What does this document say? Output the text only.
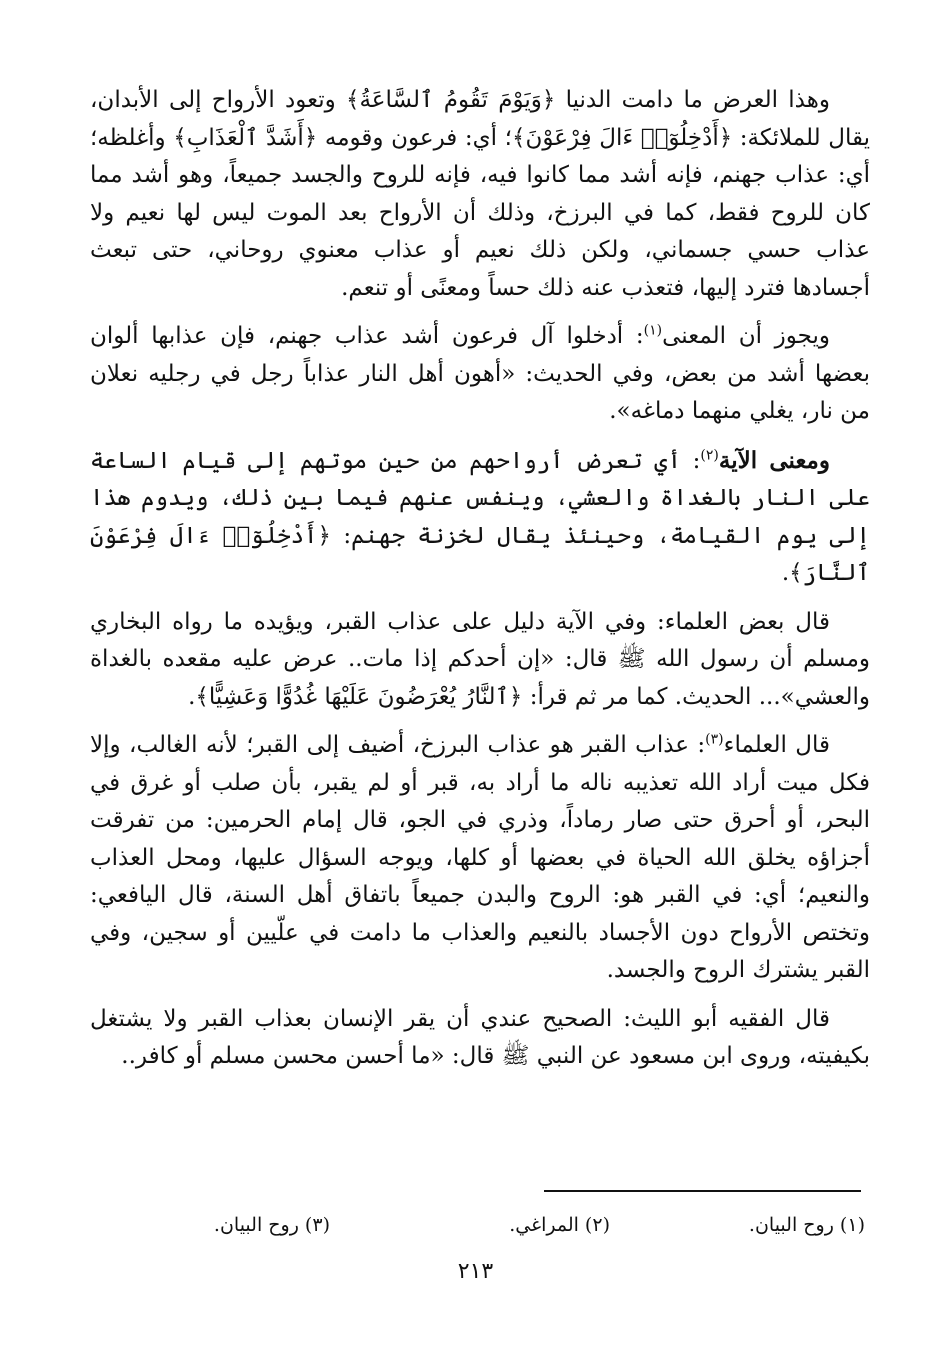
وهذا العرض ما دامت الدنيا ﴿وَيَوْمَ تَقُومُ ٱلسَّاعَةُ﴾ وتعود الأرواح إلى الأبدان، يقال للملائكة: ﴿أَدْخِلُوٓا۟ ءَالَ فِرْعَوْنَ﴾؛ أي: فرعون وقومه ﴿أَشَدَّ ٱلْعَذَابِ﴾ وأغلظه؛ أي: عذاب جهنم، فإنه أشد مما كانوا فيه، فإنه للروح والجسد جميعاً، وهو أشد مما كان للروح فقط، كما في البرزخ، وذلك أن الأرواح بعد الموت ليس لها نعيم ولا عذاب حسي جسماني، ولكن ذلك نعيم أو عذاب معنوي روحاني، حتى تبعث أجسادها فترد إليها، فتعذب عنه ذلك حساً ومعنًى أو تنعم.

ويجوز أن المعنى$^{(١)}$: أدخلوا آل فرعون أشد عذاب جهنم، فإن عذابها ألوان بعضها أشد من بعض، وفي الحديث: «أهون أهل النار عذاباً رجل في رجليه نعلان من نار، يغلي منهما دماغه».

ومعنى الآية$^{(٢)}$: أي تعرض أرواحهم من حين موتهم إلى قيام الساعة على النار بالغداة والعشي، وينفس عنهم فيما بين ذلك، ويدوم هذا إلى يوم القيامة، وحينئذ يقال لخزنة جهنم: ﴿أَدْخِلُوٓا۟ ءَالَ فِرْعَوْنَ ٱلنَّارَ﴾.

قال بعض العلماء: وفي الآية دليل على عذاب القبر، ويؤيده ما رواه البخاري ومسلم أن رسول الله ﷺ قال: «إن أحدكم إذا مات.. عرض عليه مقعده بالغداة والعشي»... الحديث. كما مر ثم قرأ: ﴿ٱلنَّارُ يُعْرَضُونَ عَلَيْهَا غُدُوًّا وَعَشِيًّا﴾.

قال العلماء$^{(٣)}$: عذاب القبر هو عذاب البرزخ، أضيف إلى القبر؛ لأنه الغالب، وإلا فكل ميت أراد الله تعذيبه ناله ما أراد به، قبر أو لم يقبر، بأن صلب أو غرق في البحر، أو أحرق حتى صار رماداً، وذري في الجو، قال إمام الحرمين: من تفرقت أجزاؤه يخلق الله الحياة في بعضها أو كلها، ويوجه السؤال عليها، ومحل العذاب والنعيم؛ أي: في القبر هو: الروح والبدن جميعاً باتفاق أهل السنة، قال اليافعي: وتختص الأرواح دون الأجساد بالنعيم والعذاب ما دامت في علّيين أو سجين، وفي القبر يشترك الروح والجسد.

قال الفقيه أبو الليث: الصحيح عندي أن يقر الإنسان بعذاب القبر ولا يشتغل بكيفيته، وروى ابن مسعود عن النبي ﷺ قال: «ما أحسن محسن مسلم أو كافر..

(١) روح البيان.
(٢) المراغي.
(٣) روح البيان.
٢١٣
